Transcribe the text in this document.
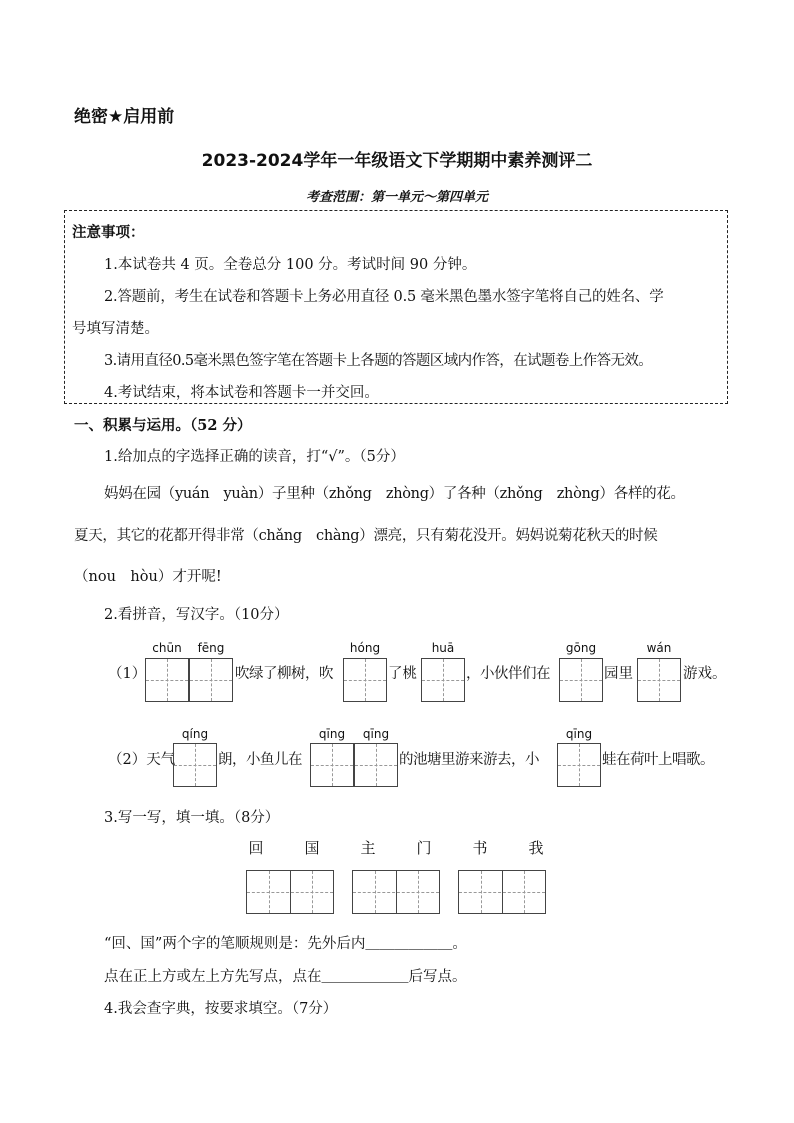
绝密★启用前
2023-2024学年一年级语文下学期期中素养测评二
考查范围：第一单元～第四单元
注意事项：
1.本试卷共 4 页。全卷总分 100 分。考试时间 90 分钟。
2.答题前，考生在试卷和答题卡上务必用直径 0.5 毫米黑色墨水签字笔将自己的姓名、学
号填写清楚。
3.请用直径0.5毫米黑色签字笔在答题卡上各题的答题区域内作答，在试题卷上作答无效。
4.考试结束，将本试卷和答题卡一并交回。
一、积累与运用。（52 分）
1.给加点的字选择正确的读音，打“√”。（5分）
妈妈在园（yuán　yuàn）子里种（zhǒng　zhòng）了各种（zhǒng　zhòng）各样的花。
夏天，其它的花都开得非常（chǎng　chàng）漂亮，只有菊花没开。妈妈说菊花秋天的时候
（nou　hòu）才开呢!
2.看拼音，写汉字。（10分）
（1）
chūn	fēng
吹绿了柳树，吹
hóng
了桃
huā
，小伙伴们在
gōng
园里
wán
游戏。
（2）天气
qíng
朗，小鱼儿在
qīng	qīng
的池塘里游来游去，小
qīng
蛙在荷叶上唱歌。
3.写一写，填一填。（8分）
回	国	主	门	书	我
“回、国”两个字的笔顺规则是：先外后内＿＿＿＿＿＿。
点在正上方或左上方先写点，点在＿＿＿＿＿＿后写点。
4.我会查字典，按要求填空。（7分）
